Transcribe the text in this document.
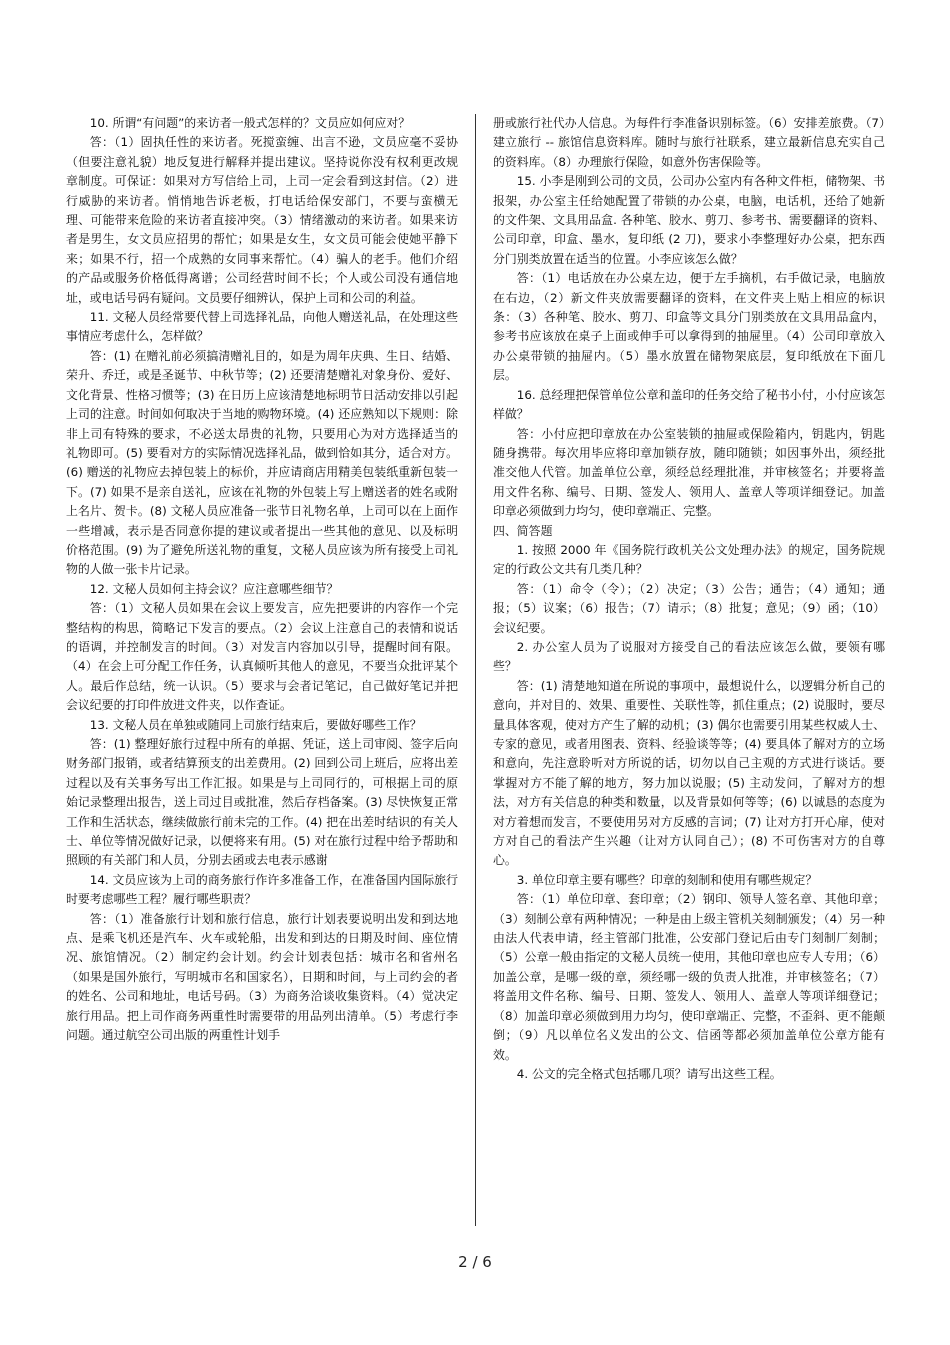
10. 所谓“有问题”的来访者一般式怎样的？文员应如何应对？

答：（1）固执任性的来访者。死搅蛮缠、出言不逊，文员应毫不妥协（但要注意礼貌）地反复进行解释并提出建议。坚持说你没有权利更改规章制度。可保证：如果对方写信给上司，上司一定会看到这封信。（2）进行威胁的来访者。悄悄地告诉老板，打电话给保安部门，不要与蛮横无理、可能带来危险的来访者直接冲突。（3）情绪激动的来访者。如果来访者是男生，女文员应招男的帮忙；如果是女生，女文员可能会使她平静下来；如果不行，招一个成熟的女同事来帮忙。（4）骗人的老手。他们介绍的产品或服务价格低得离谱；公司经营时间不长；个人或公司没有通信地址，或电话号码有疑问。文员要仔细辨认，保护上司和公司的利益。

11. 文秘人员经常要代替上司选择礼品，向他人赠送礼品，在处理这些事情应考虑什么，怎样做？

答：(1) 在赠礼前必须搞清赠礼目的，如是为周年庆典、生日、结婚、荣升、乔迁，或是圣诞节、中秋节等；(2) 还要清楚赠礼对象身份、爱好、文化背景、性格习惯等；(3) 在日历上应该清楚地标明节日活动安排以引起上司的注意。时间如何取决于当地的购物环境。(4) 还应熟知以下规则：除非上司有特殊的要求，不必送太昂贵的礼物，只要用心为对方选择适当的礼物即可。(5) 要看对方的实际情况选择礼品，做到恰如其分，适合对方。(6) 赠送的礼物应去掉包装上的标价，并应请商店用精美包装纸重新包装一下。(7) 如果不是亲自送礼，应该在礼物的外包装上写上赠送者的姓名或附上名片、贺卡。(8) 文秘人员应准备一张节日礼物名单，上司可以在上面作一些增减，表示是否同意你提的建议或者提出一些其他的意见、以及标明价格范围。(9) 为了避免所送礼物的重复，文秘人员应该为所有接受上司礼物的人做一张卡片记录。

12. 文秘人员如何主持会议？应注意哪些细节？

答：（1）文秘人员如果在会议上要发言，应先把要讲的内容作一个完整结构的构思，简略记下发言的要点。（2）会议上注意自己的表情和说话的语调，并控制发言的时间。（3）对发言内容加以引导，提醒时间有限。（4）在会上可分配工作任务，认真倾听其他人的意见，不要当众批评某个人。最后作总结，统一认识。（5）要求与会者记笔记，自己做好笔记并把会议纪要的打印件放进文件夹，以作查证。

13. 文秘人员在单独或随同上司旅行结束后，要做好哪些工作？

答：(1) 整理好旅行过程中所有的单据、凭证，送上司审阅、签字后向财务部门报销，或者结算预支的出差费用。(2) 回到公司上班后，应将出差过程以及有关事务写出工作汇报。如果是与上司同行的，可根据上司的原始记录整理出报告，送上司过目或批准，然后存档备案。(3) 尽快恢复正常工作和生活状态，继续做旅行前未完的工作。(4) 把在出差时结识的有关人士、单位等情况做好记录，以便将来有用。(5) 对在旅行过程中给予帮助和照顾的有关部门和人员，分别去函或去电表示感谢

14. 文员应该为上司的商务旅行作许多准备工作，在准备国内国际旅行时要考虑哪些工程？履行哪些职责？

答：（1）准备旅行计划和旅行信息，旅行计划表要说明出发和到达地点、是乘飞机还是汽车、火车或轮船，出发和到达的日期及时间、座位情况、旅馆情况。（2）制定约会计划。约会计划表包括：城市名和省州名（如果是国外旅行，写明城市名和国家名），日期和时间，与上司约会的者的姓名、公司和地址，电话号码。（3）为商务洽谈收集资料。（4）觉决定旅行用品。把上司作商务两重性时需要带的用品列出清单。（5）考虑行李问题。通过航空公司出版的两重性计划手

册或旅行社代办人信息。为每件行李准备识别标签。（6）安排差旅费。（7）建立旅行 -- 旅馆信息资料库。随时与旅行社联系，建立最新信息充实自己的资料库。（8）办理旅行保险，如意外伤害保险等。

15. 小李是刚到公司的文员，公司办公室内有各种文件柜，储物架、书报架，办公室主任给她配置了带锁的办公桌，电脑，电话机，还给了她新的文件架、文具用品盒. 各种笔、胶水、剪刀、参考书、需要翻译的资料、公司印章，印盒、墨水，复印纸 (2 刀)，要求小李整理好办公桌，把东西分门别类放置在适当的位置。小李应该怎么做？

答：（1）电话放在办公桌左边，便于左手摘机，右手做记录，电脑放在右边，（2）新文件夹放需要翻译的资料，在文件夹上贴上相应的标识条：（3）各种笔、胶水、剪刀、印盒等文具分门别类放在文具用品盒内，参考书应该放在桌子上面或伸手可以拿得到的抽屉里。（4）公司印章放入办公桌带锁的抽屉内。（5）墨水放置在储物架底层，复印纸放在下面几层。

16. 总经理把保管单位公章和盖印的任务交给了秘书小付，小付应该怎样做？

答：小付应把印章放在办公室装锁的抽屉或保险箱内，钥匙内，钥匙随身携带。每次用毕应将印章加锁存放，随印随锁；如因事外出，须经批准交他人代管。加盖单位公章，须经总经理批准，并审核签名；并要将盖用文件名称、编号、日期、签发人、领用人、盖章人等项详细登记。加盖印章必须做到力均匀，使印章端正、完整。

四、简答题

1. 按照 2000 年《国务院行政机关公文处理办法》的规定，国务院规定的行政公文共有几类几种？

答：（1）命令（令）；（2）决定；（3）公告；通告；（4）通知；通报；（5）议案；（6）报告；（7）请示；（8）批复；意见；（9）函；（10）会议纪要。

2. 办公室人员为了说服对方接受自己的看法应该怎么做，要领有哪些？

答：(1) 清楚地知道在所说的事项中，最想说什么，以逻辑分析自己的意向，并对目的、效果、重要性、关联性等，抓住重点；(2) 说服时，要尽量具体客观，使对方产生了解的动机；(3) 偶尔也需要引用某些权威人士、专家的意见，或者用图表、资料、经验谈等等；(4) 要具体了解对方的立场和意向，先注意聆听对方所说的话，切勿以自己主观的方式进行谈话。要掌握对方不能了解的地方，努力加以说服；(5) 主动发问，了解对方的想法，对方有关信息的种类和数量，以及背景如何等等；(6) 以诚恳的态度为对方着想而发言，不要使用另对方反感的言词；(7) 让对方打开心扉，使对方对自己的看法产生兴趣（让对方认同自己）；(8) 不可伤害对方的自尊心。

3. 单位印章主要有哪些？印章的刻制和使用有哪些规定？

答：（1）单位印章、套印章；（2）钢印、领导人签名章、其他印章；（3）刻制公章有两种情况；一种是由上级主管机关刻制颁发；（4）另一种由法人代表申请，经主管部门批准，公安部门登记后由专门刻制厂刻制；（5）公章一般由指定的文秘人员统一使用，其他印章也应专人专用；（6）加盖公章，是哪一级的章，须经哪一级的负责人批准，并审核签名；（7）将盖用文件名称、编号、日期、签发人、领用人、盖章人等项详细登记；（8）加盖印章必须做到用力均匀，使印章端正、完整，不歪斜、更不能颠倒；（9）凡以单位名义发出的公文、信函等都必须加盖单位公章方能有效。

4. 公文的完全格式包括哪几项？请写出这些工程。

2 / 6
